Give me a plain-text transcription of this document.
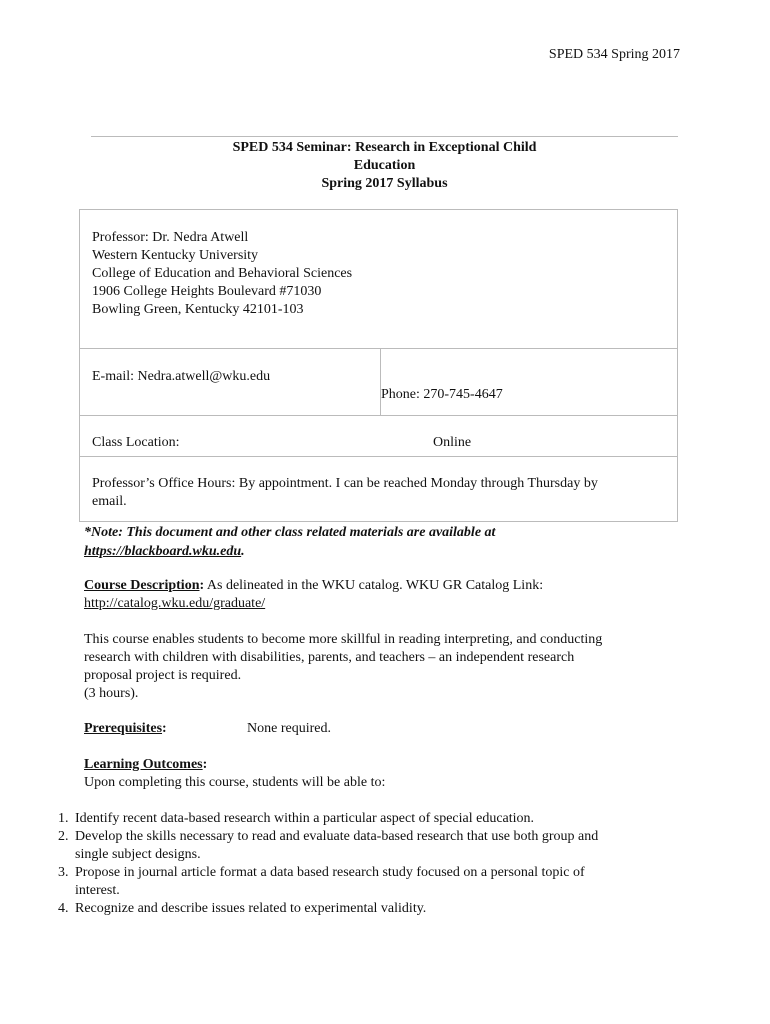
SPED 534 Spring 2017
SPED 534 Seminar: Research in Exceptional Child
Education
Spring 2017 Syllabus
Professor: Dr. Nedra Atwell
Western Kentucky University
College of Education and Behavioral Sciences
1906 College Heights Boulevard #71030
Bowling Green, Kentucky 42101-103
E-mail: Nedra.atwell@wku.edu
Phone: 270-745-4647
Class Location:	Online
Professor’s Office Hours: By appointment. I can be reached Monday through Thursday by
email.
*Note: This document and other class related materials are available at
https://blackboard.wku.edu.
Course Description: As delineated in the WKU catalog. WKU GR Catalog Link:
http://catalog.wku.edu/graduate/
This course enables students to become more skillful in reading interpreting, and conducting
research with children with disabilities, parents, and teachers – an independent research
proposal project is required.
(3 hours).
Prerequisites:	None required.
Learning Outcomes:
Upon completing this course, students will be able to:
1. Identify recent data-based research within a particular aspect of special education.
2. Develop the skills necessary to read and evaluate data-based research that use both group and
single subject designs.
3. Propose in journal article format a data based research study focused on a personal topic of
interest.
4. Recognize and describe issues related to experimental validity.
